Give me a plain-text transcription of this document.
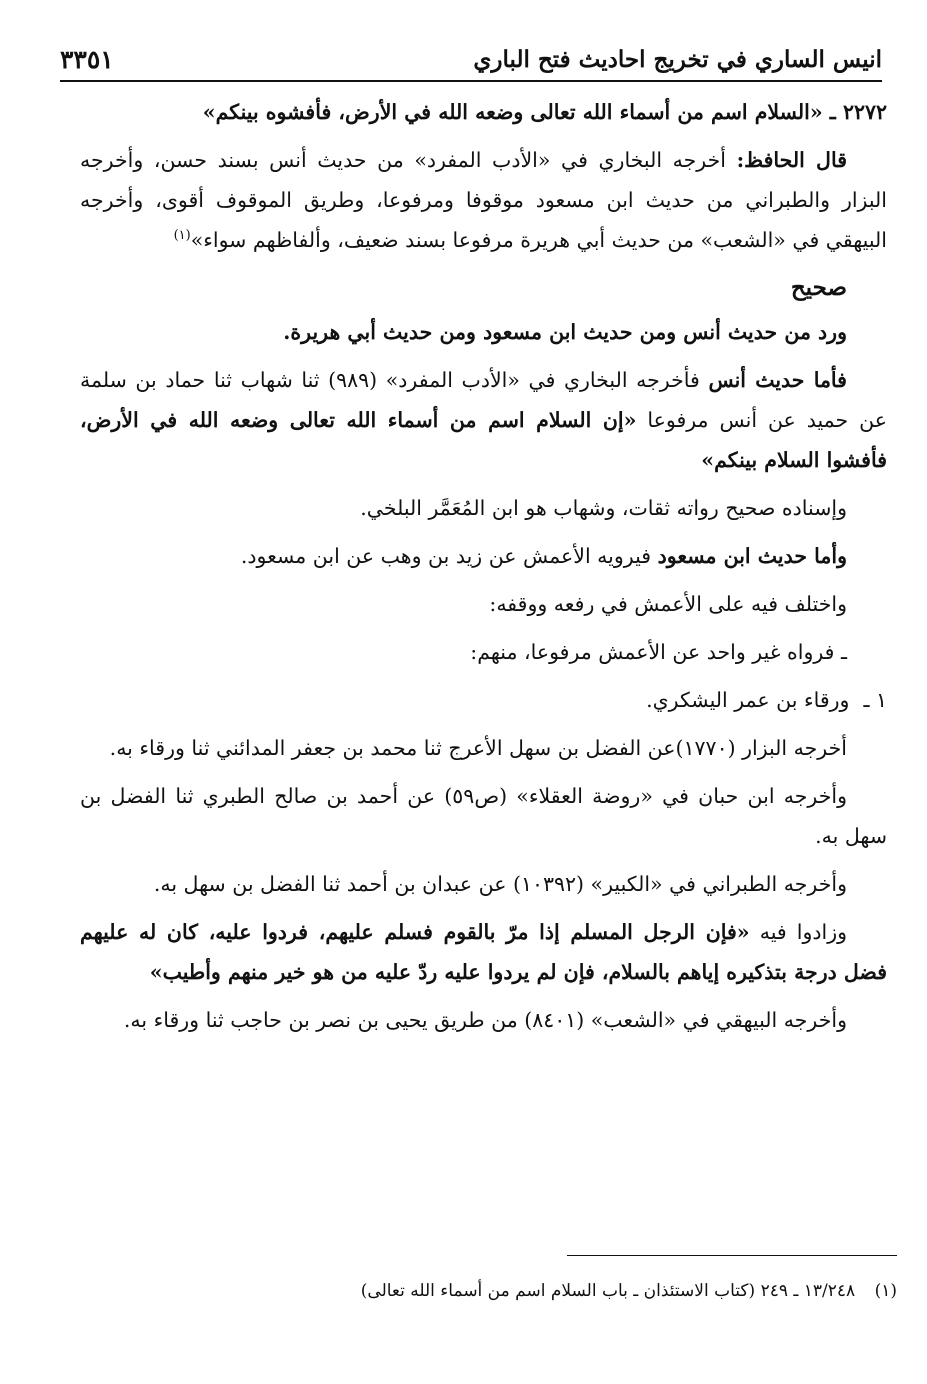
انيس الساري في تخريج احاديث فتح الباري
٣٣٥١

٢٢٧٢ ـ «السلام اسم من أسماء الله تعالى وضعه الله في الأرض، فأفشوه بينكم»

قال الحافظ: أخرجه البخاري في «الأدب المفرد» من حديث أنس بسند حسن، وأخرجه البزار والطبراني من حديث ابن مسعود موقوفا ومرفوعا، وطريق الموقوف أقوى، وأخرجه البيهقي في «الشعب» من حديث أبي هريرة مرفوعا بسند ضعيف، وألفاظهم سواء»$^{(١)}$

صحيح

ورد من حديث أنس ومن حديث ابن مسعود ومن حديث أبي هريرة.

فأما حديث أنس فأخرجه البخاري في «الأدب المفرد» (٩٨٩) ثنا شهاب ثنا حماد بن سلمة عن حميد عن أنس مرفوعا «إن السلام اسم من أسماء الله تعالى وضعه الله في الأرض، فأفشوا السلام بينكم»

وإسناده صحيح رواته ثقات، وشهاب هو ابن المُعَمَّر البلخي.

وأما حديث ابن مسعود فيرويه الأعمش عن زيد بن وهب عن ابن مسعود.

واختلف فيه على الأعمش في رفعه ووقفه:

ـ فرواه غير واحد عن الأعمش مرفوعا، منهم:

١ ـ
ورقاء بن عمر اليشكري.

أخرجه البزار (١٧٧٠)عن الفضل بن سهل الأعرج ثنا محمد بن جعفر المدائني ثنا ورقاء به.

وأخرجه ابن حبان في «روضة العقلاء» (ص٥٩) عن أحمد بن صالح الطبري ثنا الفضل بن سهل به.

وأخرجه الطبراني في «الكبير» (١٠٣٩٢) عن عبدان بن أحمد ثنا الفضل بن سهل به.

وزادوا فيه «فإن الرجل المسلم إذا مرّ بالقوم فسلم عليهم، فردوا عليه، كان له عليهم فضل درجة بتذكيره إياهم بالسلام، فإن لم يردوا عليه ردّ عليه من هو خير منهم وأطيب»

وأخرجه البيهقي في «الشعب» (٨٤٠١) من طريق يحيى بن نصر بن حاجب ثنا ورقاء به.

(١) ١٣/٢٤٨ ـ ٢٤٩ (كتاب الاستئذان ـ باب السلام اسم من أسماء الله تعالى)
